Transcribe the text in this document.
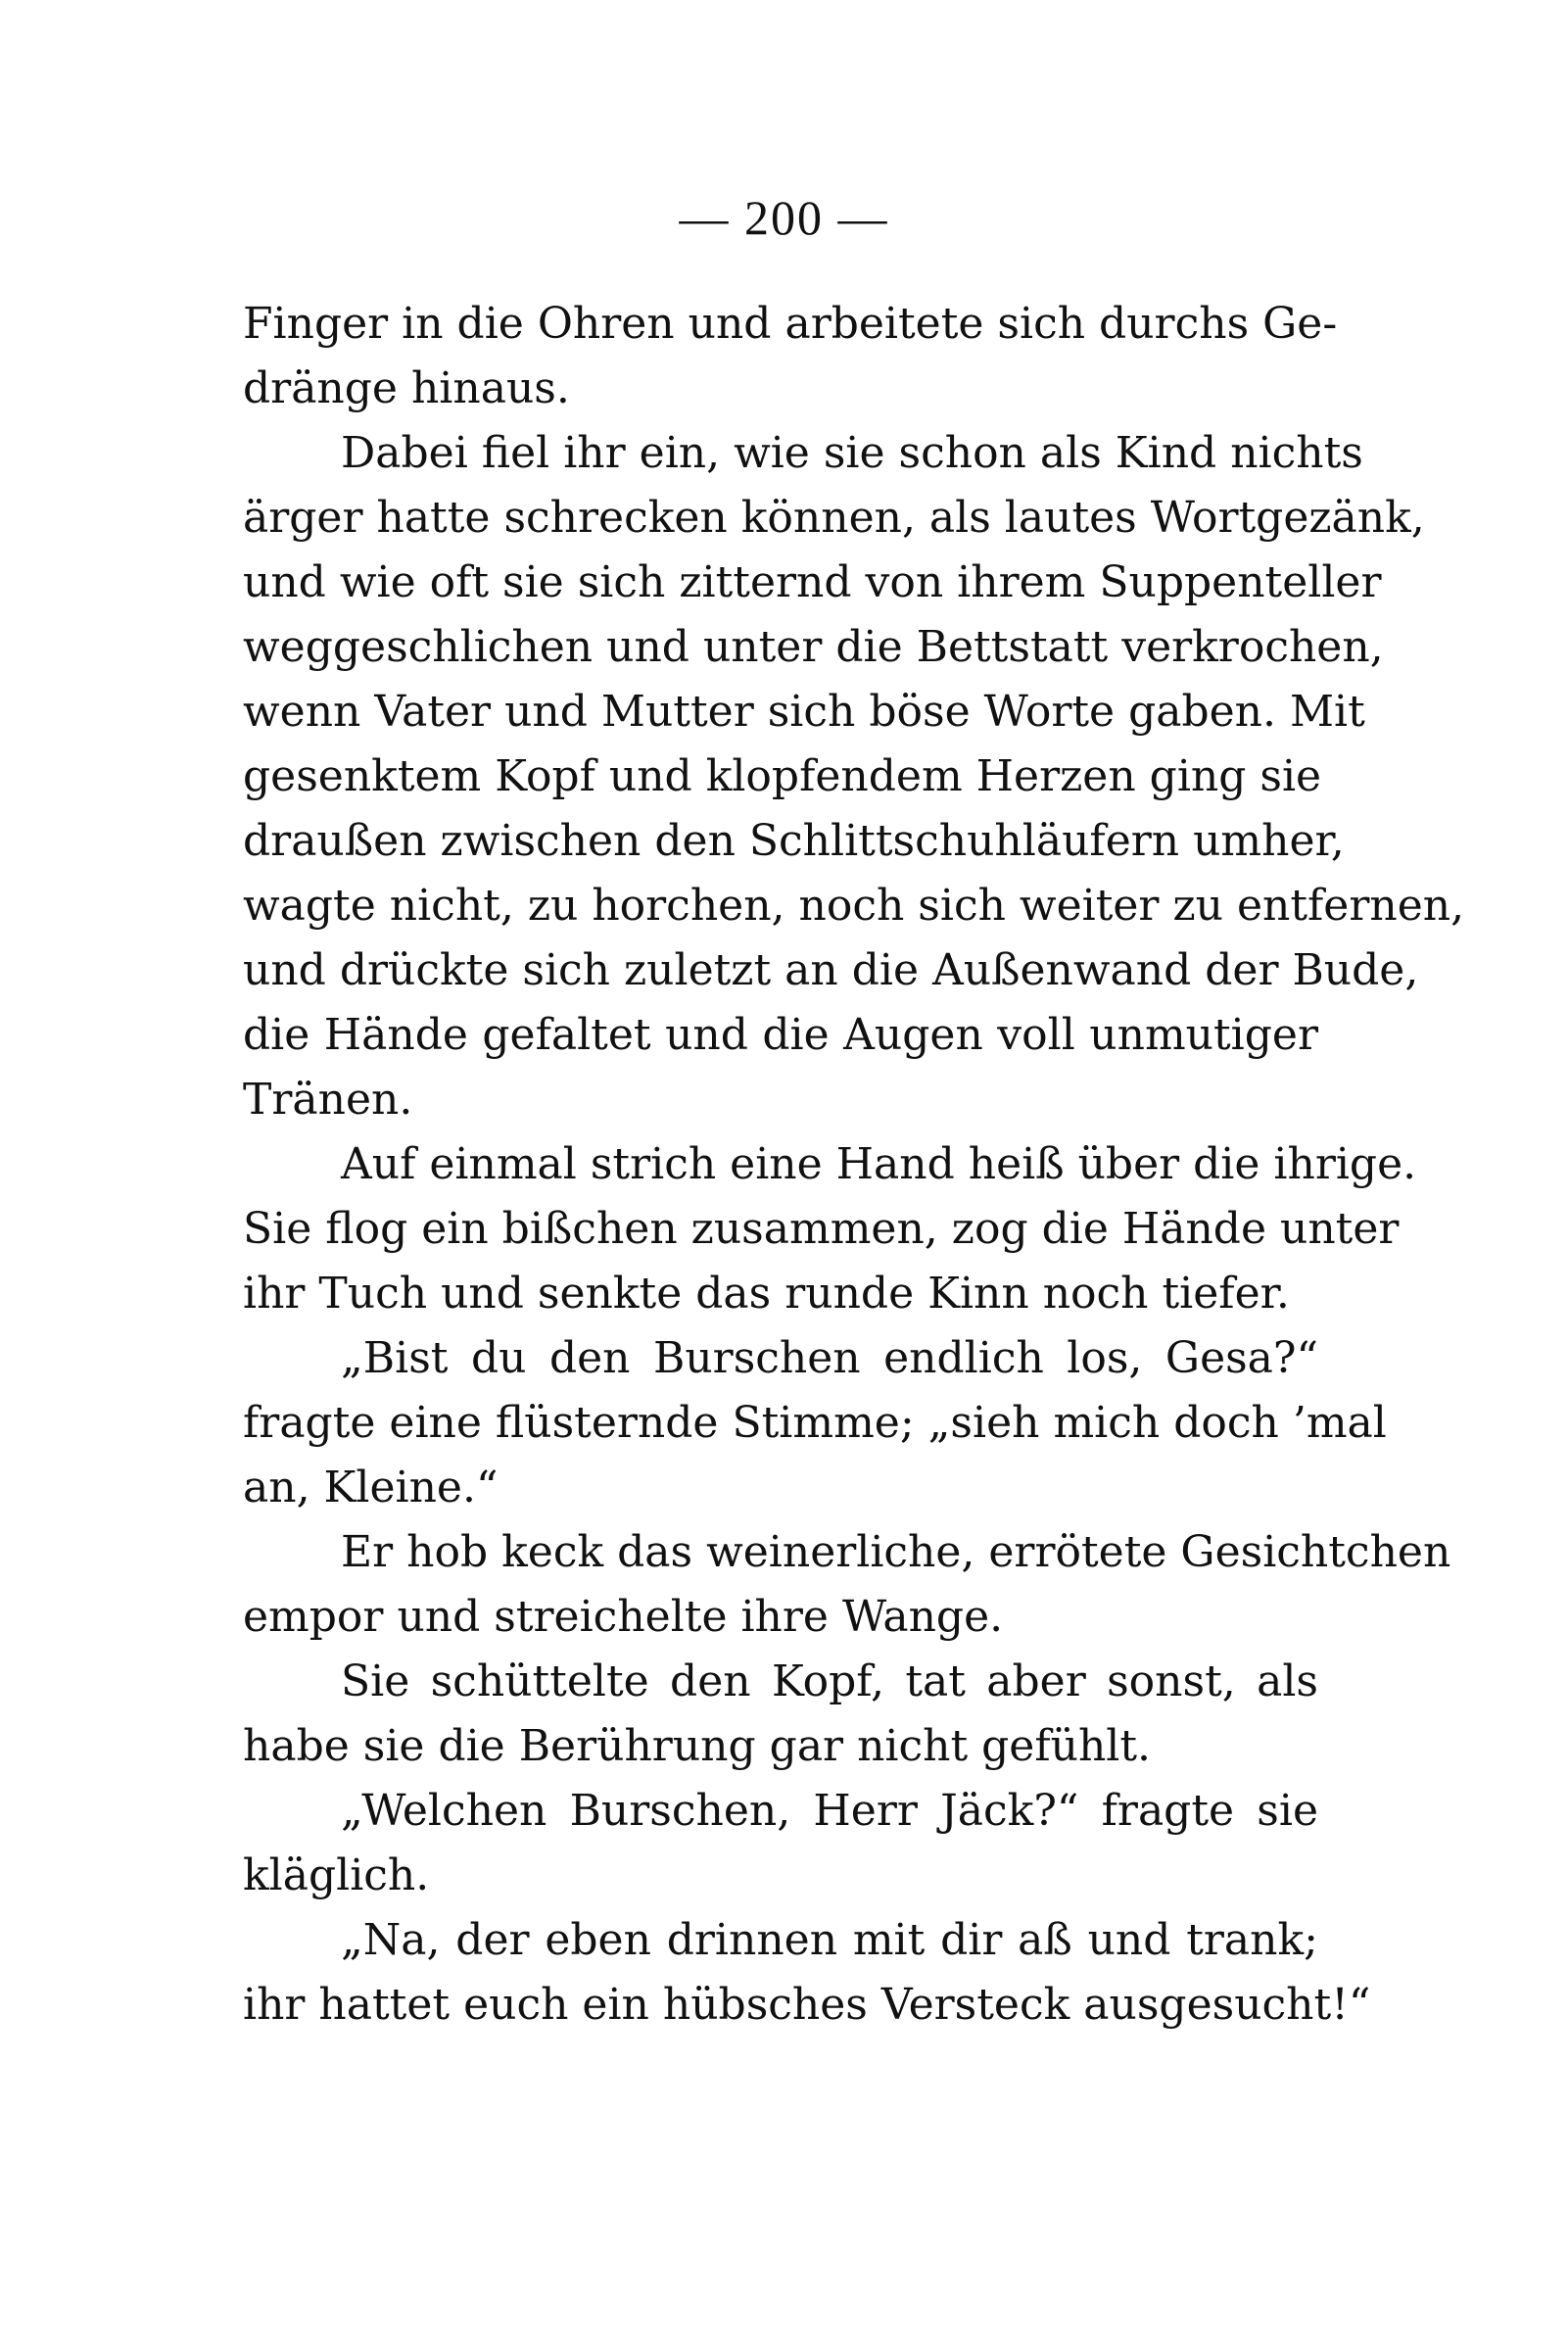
— 200 —
Finger in die Ohren und arbeitete sich durchs Ge-
dränge hinaus.
Dabei fiel ihr ein, wie sie schon als Kind nichts
ärger hatte schrecken können, als lautes Wortgezänk,
und wie oft sie sich zitternd von ihrem Suppenteller
weggeschlichen und unter die Bettstatt verkrochen,
wenn Vater und Mutter sich böse Worte gaben. Mit
gesenktem Kopf und klopfendem Herzen ging sie
draußen zwischen den Schlittschuhläufern umher,
wagte nicht, zu horchen, noch sich weiter zu entfernen,
und drückte sich zuletzt an die Außenwand der Bude,
die Hände gefaltet und die Augen voll unmutiger
Tränen.
Auf einmal strich eine Hand heiß über die ihrige.
Sie flog ein bißchen zusammen, zog die Hände unter
ihr Tuch und senkte das runde Kinn noch tiefer.
„Bist du den Burschen endlich los, Gesa?“
fragte eine flüsternde Stimme; „sieh mich doch ’mal
an, Kleine.“
Er hob keck das weinerliche, errötete Gesichtchen
empor und streichelte ihre Wange.
Sie schüttelte den Kopf, tat aber sonst, als
habe sie die Berührung gar nicht gefühlt.
„Welchen Burschen, Herr Jäck?“ fragte sie
kläglich.
„Na, der eben drinnen mit dir aß und trank;
ihr hattet euch ein hübsches Versteck ausgesucht!“
